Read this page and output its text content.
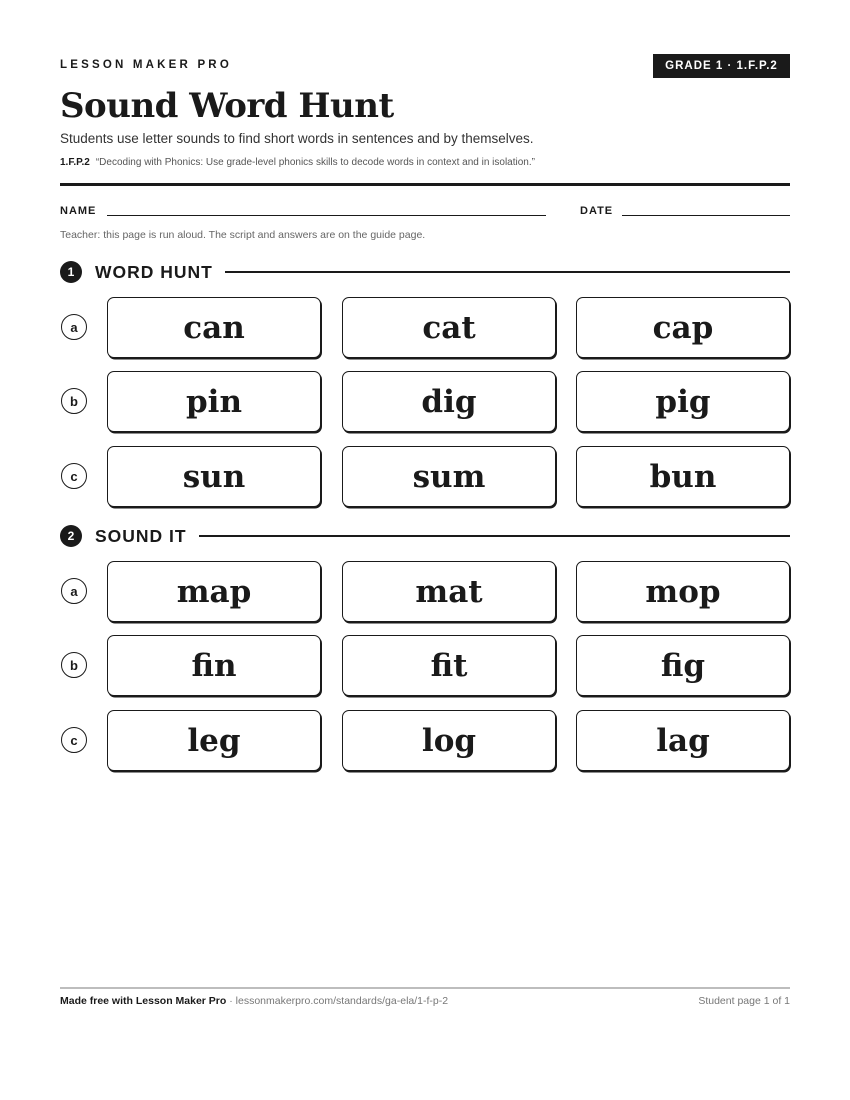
LESSON MAKER PRO	GRADE 1 · 1.F.P.2
Sound Word Hunt
Students use letter sounds to find short words in sentences and by themselves.
1.F.P.2 “Decoding with Phonics: Use grade-level phonics skills to decode words in context and in isolation.”
NAME	DATE
Teacher: this page is run aloud. The script and answers are on the guide page.
1	WORD HUNT
a	can	cat	cap
b	pin	dig	pig
c	sun	sum	bun
2	SOUND IT
a	map	mat	mop
b	fin	fit	fig
c	leg	log	lag
Made free with Lesson Maker Pro · lessonmakerpro.com/standards/ga-ela/1-f-p-2	Student page 1 of 1
